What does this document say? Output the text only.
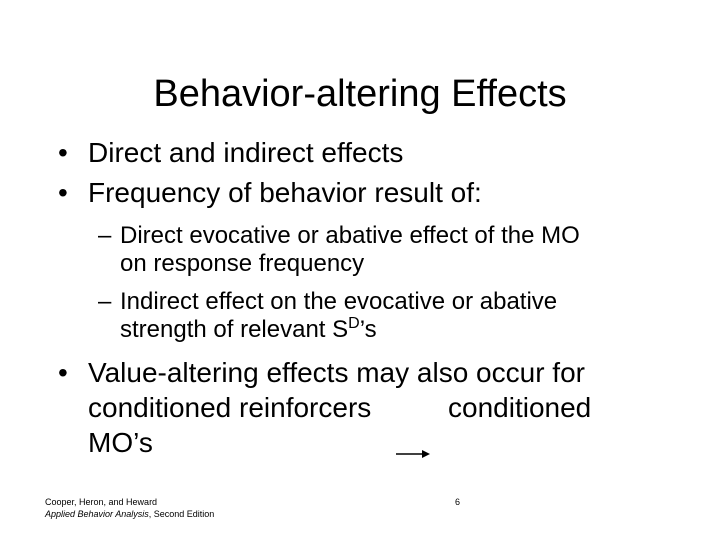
Behavior-altering Effects
• Direct and indirect effects
• Frequency of behavior result of:
– Direct evocative or abative effect of the MO
on response frequency
– Indirect effect on the evocative or abative
strength of relevant $S^D’s$
• Value-altering effects may also occur for
conditioned reinforcers	conditioned
MO’s
Cooper, Heron, and Heward
Applied Behavior Analysis, Second Edition
6
